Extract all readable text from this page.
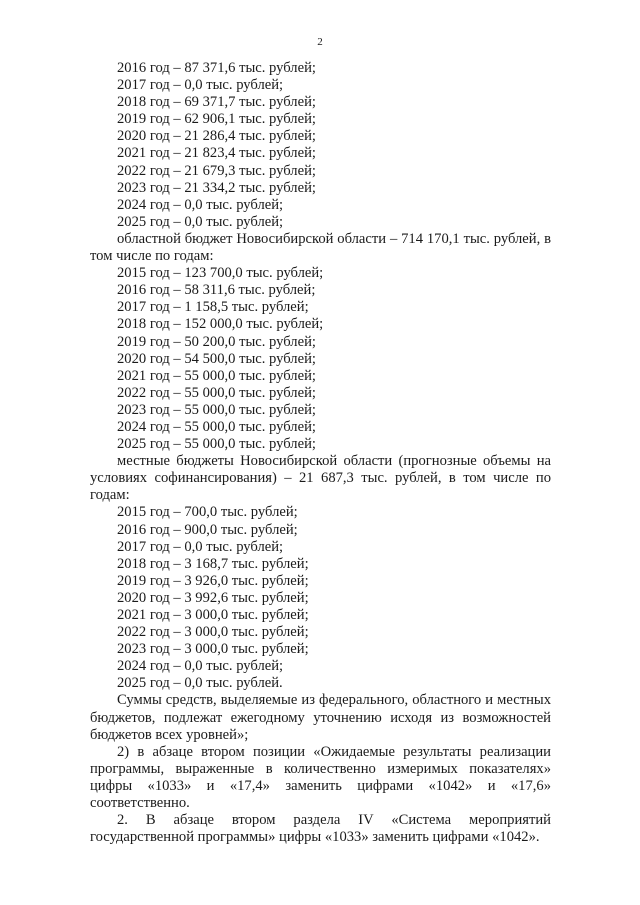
2

2016 год – 87 371,6 тыс. рублей;

2017 год – 0,0 тыс. рублей;

2018 год – 69 371,7 тыс. рублей;

2019 год – 62 906,1 тыс. рублей;

2020 год – 21 286,4 тыс. рублей;

2021 год – 21 823,4 тыс. рублей;

2022 год – 21 679,3 тыс. рублей;

2023 год – 21 334,2 тыс. рублей;

2024 год – 0,0 тыс. рублей;

2025 год – 0,0 тыс. рублей;

областной бюджет Новосибирской области – 714 170,1 тыс. рублей, в том числе по годам:

2015 год – 123 700,0 тыс. рублей;

2016 год – 58 311,6 тыс. рублей;

2017 год – 1 158,5 тыс. рублей;

2018 год – 152 000,0 тыс. рублей;

2019 год – 50 200,0 тыс. рублей;

2020 год – 54 500,0 тыс. рублей;

2021 год – 55 000,0 тыс. рублей;

2022 год – 55 000,0 тыс. рублей;

2023 год – 55 000,0 тыс. рублей;

2024 год – 55 000,0 тыс. рублей;

2025 год – 55 000,0 тыс. рублей;

местные бюджеты Новосибирской области (прогнозные объемы на условиях софинансирования) – 21 687,3 тыс. рублей, в том числе по годам:

2015 год – 700,0 тыс. рублей;

2016 год – 900,0 тыс. рублей;

2017 год – 0,0 тыс. рублей;

2018 год – 3 168,7 тыс. рублей;

2019 год – 3 926,0 тыс. рублей;

2020 год – 3 992,6 тыс. рублей;

2021 год – 3 000,0 тыс. рублей;

2022 год – 3 000,0 тыс. рублей;

2023 год – 3 000,0 тыс. рублей;

2024 год – 0,0 тыс. рублей;

2025 год – 0,0 тыс. рублей.

Суммы средств, выделяемые из федерального, областного и местных бюджетов, подлежат ежегодному уточнению исходя из возможностей бюджетов всех уровней»;

2) в абзаце втором позиции «Ожидаемые результаты реализации программы, выраженные в количественно измеримых показателях» цифры «1033» и «17,4» заменить цифрами «1042» и «17,6» соответственно.

2. В абзаце втором раздела IV «Система мероприятий государственной программы» цифры «1033» заменить цифрами «1042».
